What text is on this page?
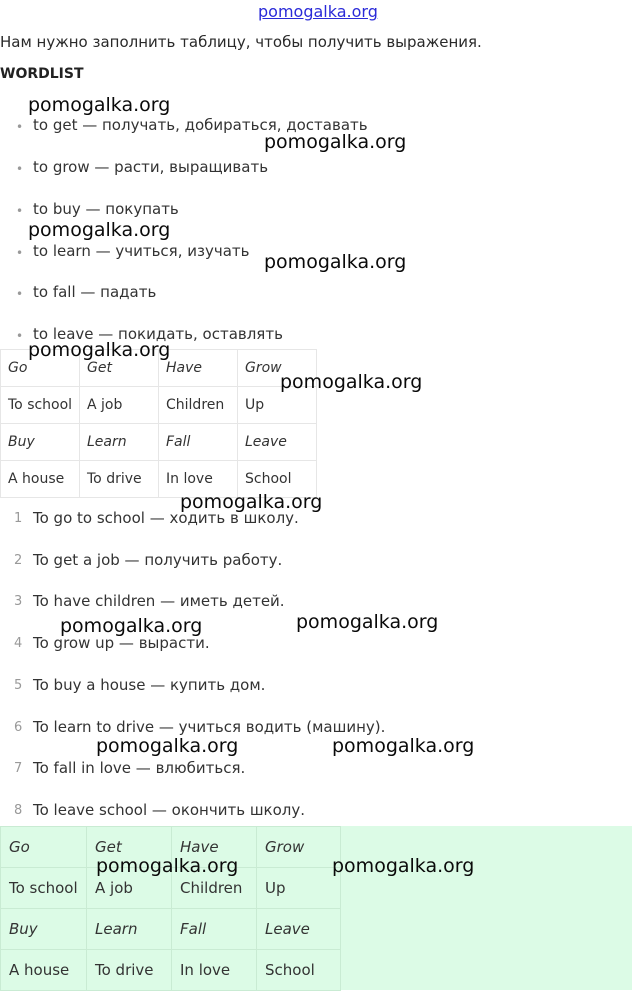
pomogalka.org
Нам нужно заполнить таблицу, чтобы получить выражения.
WORDLIST
• to get — получать, добираться, доставать
• to grow — расти, выращивать
• to buy — покупать
• to learn — учиться, изучать
• to fall — падать
• to leave — покидать, оставлять
Go	Get	Have	Grow
To school	A job	Children	Up
Buy	Learn	Fall	Leave
A house	To drive	In love	School
1 To go to school — ходить в школу.
2 To get a job — получить работу.
3 To have children — иметь детей.
4 To grow up — вырасти.
5 To buy a house — купить дом.
6 To learn to drive — учиться водить (машину).
7 To fall in love — влюбиться.
8 To leave school — окончить школу.
Go	Get	Have	Grow
To school	A job	Children	Up
Buy	Learn	Fall	Leave
A house	To drive	In love	School
pomogalka.org
pomogalka.org
pomogalka.org
pomogalka.org
pomogalka.org
pomogalka.org
pomogalka.org
pomogalka.org	pomogalka.org
pomogalka.org	pomogalka.org
pomogalka.org	pomogalka.org
